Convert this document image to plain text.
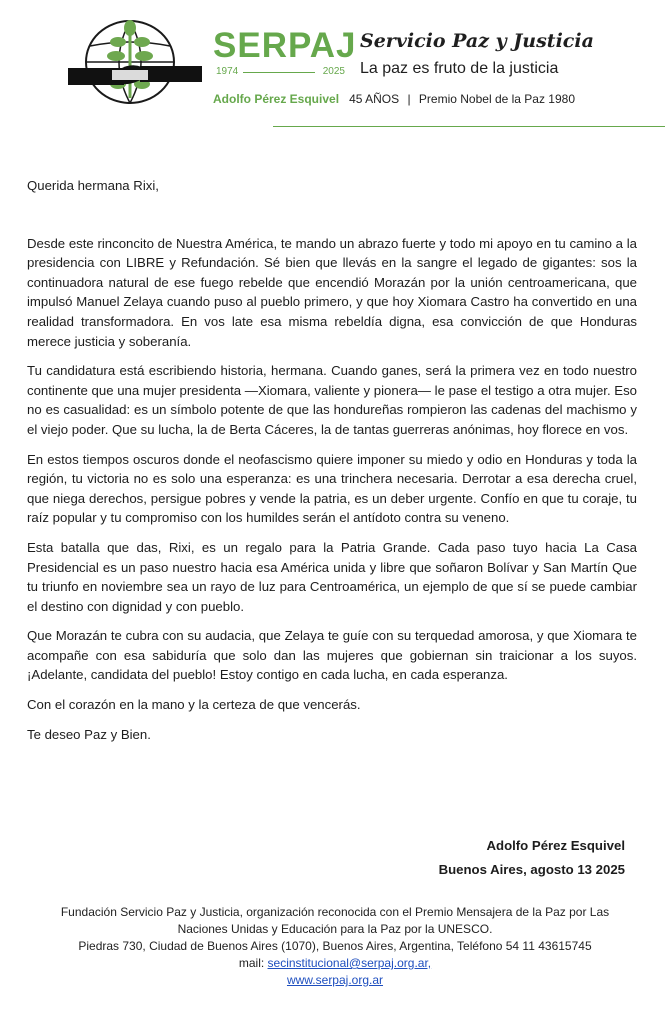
SERPAJ
1974	2025
Servicio Paz y Justicia
La paz es fruto de la justicia
Adolfo Pérez Esquivel 45 AÑOS | Premio Nobel de la Paz 1980

Querida hermana Rixi,

Desde este rinconcito de Nuestra América, te mando un abrazo fuerte y todo mi apoyo en tu camino a la presidencia con LIBRE y Refundación. Sé bien que llevás en la sangre el legado de gigantes: sos la continuadora natural de ese fuego rebelde que encendió Morazán por la unión centroamericana, que impulsó Manuel Zelaya cuando puso al pueblo primero, y que hoy Xiomara Castro ha convertido en una realidad transformadora. En vos late esa misma rebeldía digna, esa convicción de que Honduras merece justicia y soberanía.

Tu candidatura está escribiendo historia, hermana. Cuando ganes, será la primera vez en todo nuestro continente que una mujer presidenta —Xiomara, valiente y pionera— le pase el testigo a otra mujer. Eso no es casualidad: es un símbolo potente de que las hondureñas rompieron las cadenas del machismo y el viejo poder. Que su lucha, la de Berta Cáceres, la de tantas guerreras anónimas, hoy florece en vos.

En estos tiempos oscuros donde el neofascismo quiere imponer su miedo y odio en Honduras y toda la región, tu victoria no es solo una esperanza: es una trinchera necesaria. Derrotar a esa derecha cruel, que niega derechos, persigue pobres y vende la patria, es un deber urgente. Confío en que tu coraje, tu raíz popular y tu compromiso con los humildes serán el antídoto contra su veneno.

Esta batalla que das, Rixi, es un regalo para la Patria Grande. Cada paso tuyo hacia La Casa Presidencial es un paso nuestro hacia esa América unida y libre que soñaron Bolívar y San Martín Que tu triunfo en noviembre sea un rayo de luz para Centroamérica, un ejemplo de que sí se puede cambiar el destino con dignidad y con pueblo.

Que Morazán te cubra con su audacia, que Zelaya te guíe con su terquedad amorosa, y que Xiomara te acompañe con esa sabiduría que solo dan las mujeres que gobiernan sin traicionar a los suyos. ¡Adelante, candidata del pueblo! Estoy contigo en cada lucha, en cada esperanza.

Con el corazón en la mano y la certeza de que vencerás.

Te deseo Paz y Bien.

Adolfo Pérez Esquivel
Buenos Aires, agosto 13 2025
Fundación Servicio Paz y Justicia, organización reconocida con el Premio Mensajera de la Paz por Las
Naciones Unidas y Educación para la Paz por la UNESCO.
Piedras 730, Ciudad de Buenos Aires (1070), Buenos Aires, Argentina, Teléfono 54 11 43615745
mail: secinstitucional@serpaj.org.ar,
www.serpaj.org.ar
